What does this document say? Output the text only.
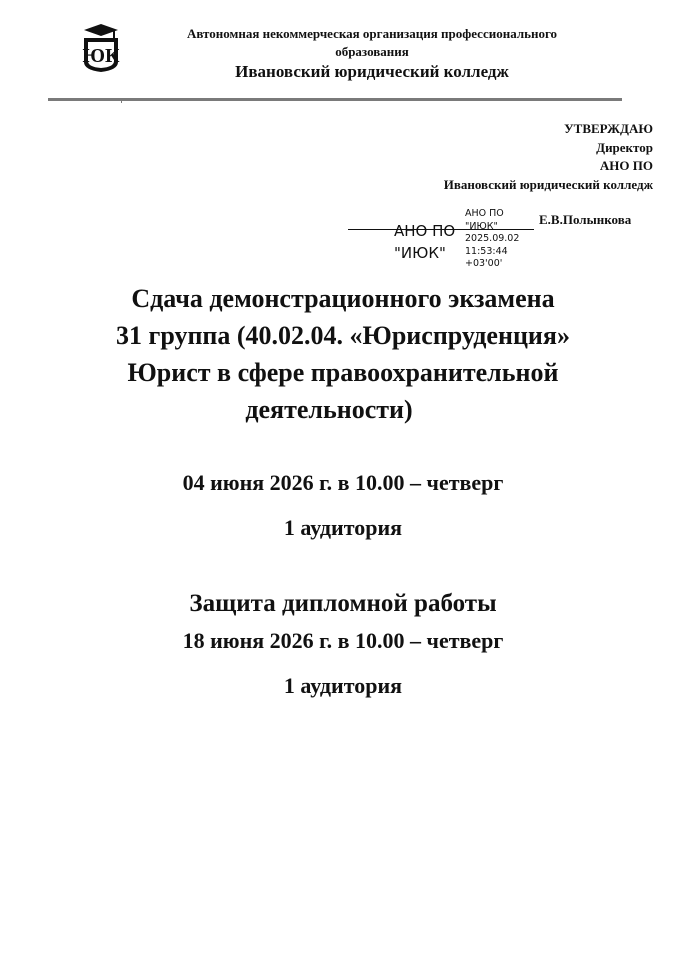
ЮК
Автономная некоммерческая организация профессионального
образования
Ивановский юридический колледж
УТВЕРЖДАЮ
Директор
АНО ПО
Ивановский юридический колледж
АНО ПО
"ИЮК"
АНО ПО
"ИЮК"
2025.09.02
11:53:44
+03'00'
Е.В.Полынкова
Сдача демонстрационного экзамена
31 группа (40.02.04. «Юриспруденция»
Юрист в сфере правоохранительной
деятельности)
04 июня 2026 г. в 10.00 – четверг
1 аудитория
Защита дипломной работы
18 июня 2026 г. в 10.00 – четверг
1 аудитория
